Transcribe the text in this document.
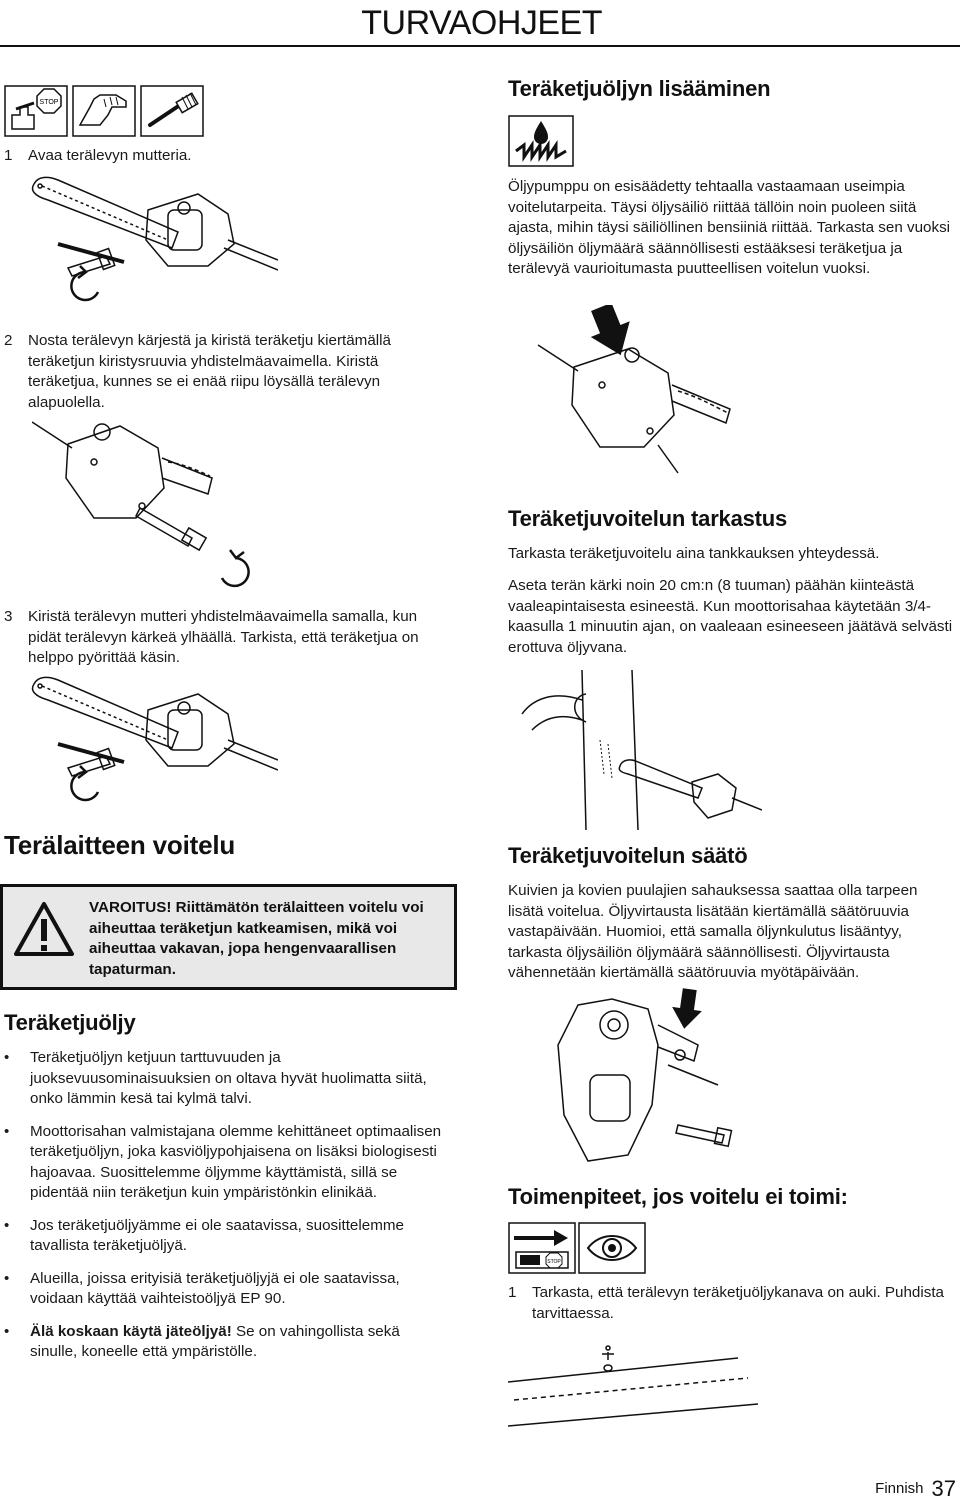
TURVAOHJEET
STOP
1	Avaa terälevyn mutteria.
2	Nosta terälevyn kärjestä ja kiristä teräketju kiertämällä teräketjun kiristysruuvia yhdistelmäavaimella. Kiristä teräketjua, kunnes se ei enää riipu löysällä terälevyn alapuolella.
3	Kiristä terälevyn mutteri yhdistelmäavaimella samalla, kun pidät terälevyn kärkeä ylhäällä. Tarkista, että teräketjua on helppo pyörittää käsin.
Terälaitteen voitelu
VAROITUS! Riittämätön terälaitteen voitelu voi aiheuttaa teräketjun katkeamisen, mikä voi aiheuttaa vakavan, jopa hengenvaarallisen tapaturman.
Teräketjuöljy
•	Teräketjuöljyn ketjuun tarttuvuuden ja juoksevuusominaisuuksien on oltava hyvät huolimatta siitä, onko lämmin kesä tai kylmä talvi.
•	Moottorisahan valmistajana olemme kehittäneet optimaalisen teräketjuöljyn, joka kasviöljypohjaisena on lisäksi biologisesti hajoavaa. Suosittelemme öljymme käyttämistä, sillä se pidentää niin teräketjun kuin ympäristönkin elinikää.
•	Jos teräketjuöljyämme ei ole saatavissa, suosittelemme tavallista teräketjuöljyä.
•	Alueilla, joissa erityisiä teräketjuöljyjä ei ole saatavissa, voidaan käyttää vaihteistoöljyä EP 90.
•	Älä koskaan käytä jäteöljyä! Se on vahingollista sekä sinulle, koneelle että ympäristölle.
Teräketjuöljyn lisääminen

Öljypumppu on esisäädetty tehtaalla vastaamaan useimpia voitelutarpeita. Täysi öljysäiliö riittää tällöin noin puoleen siitä ajasta, mihin täysi säiliöllinen bensiiniä riittää. Tarkasta sen vuoksi öljysäiliön öljymäärä säännöllisesti estääksesi teräketjua ja terälevyä vaurioitumasta puutteellisen voitelun vuoksi.

Teräketjuvoitelun tarkastus

Tarkasta teräketjuvoitelu aina tankkauksen yhteydessä.

Aseta terän kärki noin 20 cm:n (8 tuuman) päähän kiinteästä vaaleapintaisesta esineestä. Kun moottorisahaa käytetään 3/4-kaasulla 1 minuutin ajan, on vaaleaan esineeseen jäätävä selvästi erottuva öljyvana.

Teräketjuvoitelun säätö

Kuivien ja kovien puulajien sahauksessa saattaa olla tarpeen lisätä voitelua. Öljyvirtausta lisätään kiertämällä säätöruuvia vastapäivään. Huomioi, että samalla öljynkulutus lisääntyy, tarkasta öljysäiliön öljymäärä säännöllisesti. Öljyvirtausta vähennetään kiertämällä säätöruuvia myötäpäivään.

Toimenpiteet, jos voitelu ei toimi:
STOP
1	Tarkasta, että terälevyn teräketjuöljykanava on auki. Puhdista tarvittaessa.
Finnish 37
